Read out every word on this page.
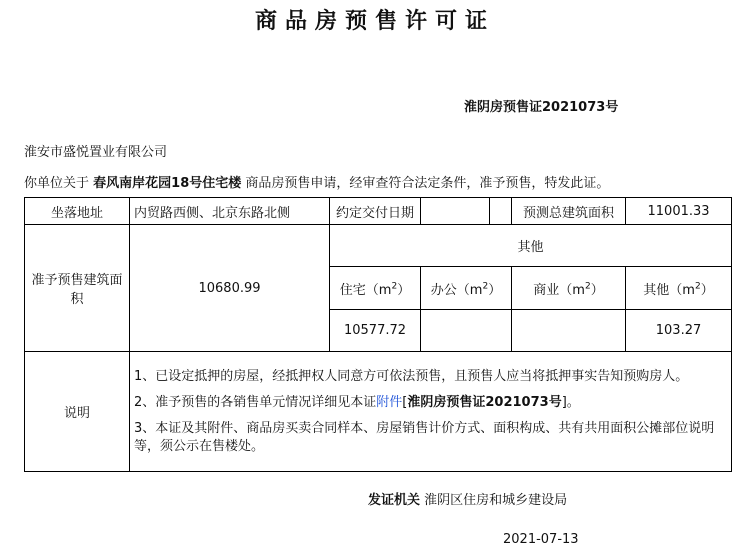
商品房预售许可证
淮阴房预售证2021073号
淮安市盛悦置业有限公司
你单位关于 春风南岸花园18号住宅楼 商品房预售申请，经审查符合法定条件，准予预售，特发此证。
坐落地址	内贸路西侧、北京东路北侧	约定交付日期			预测总建筑面积	11001.33
准予预售建筑面积	10680.99	其他				
		住宅$(m^2)$	办公$(m^2)$		商业$(m^2)$	其他$(m^2)$
		10577.72				103.27
说明	1、已设定抵押的房屋，经抵押权人同意方可依法预售，且预售人应当将抵押事实告知预购房人。

2、准予预售的各销售单元情况详细见本证附件[淮阴房预售证2021073号]。

3、本证及其附件、商品房买卖合同样本、房屋销售计价方式、面积构成、共有共用面积公摊部位说明等，须公示在售楼处。					

发证机关 淮阴区住房和城乡建设局
2021-07-13
